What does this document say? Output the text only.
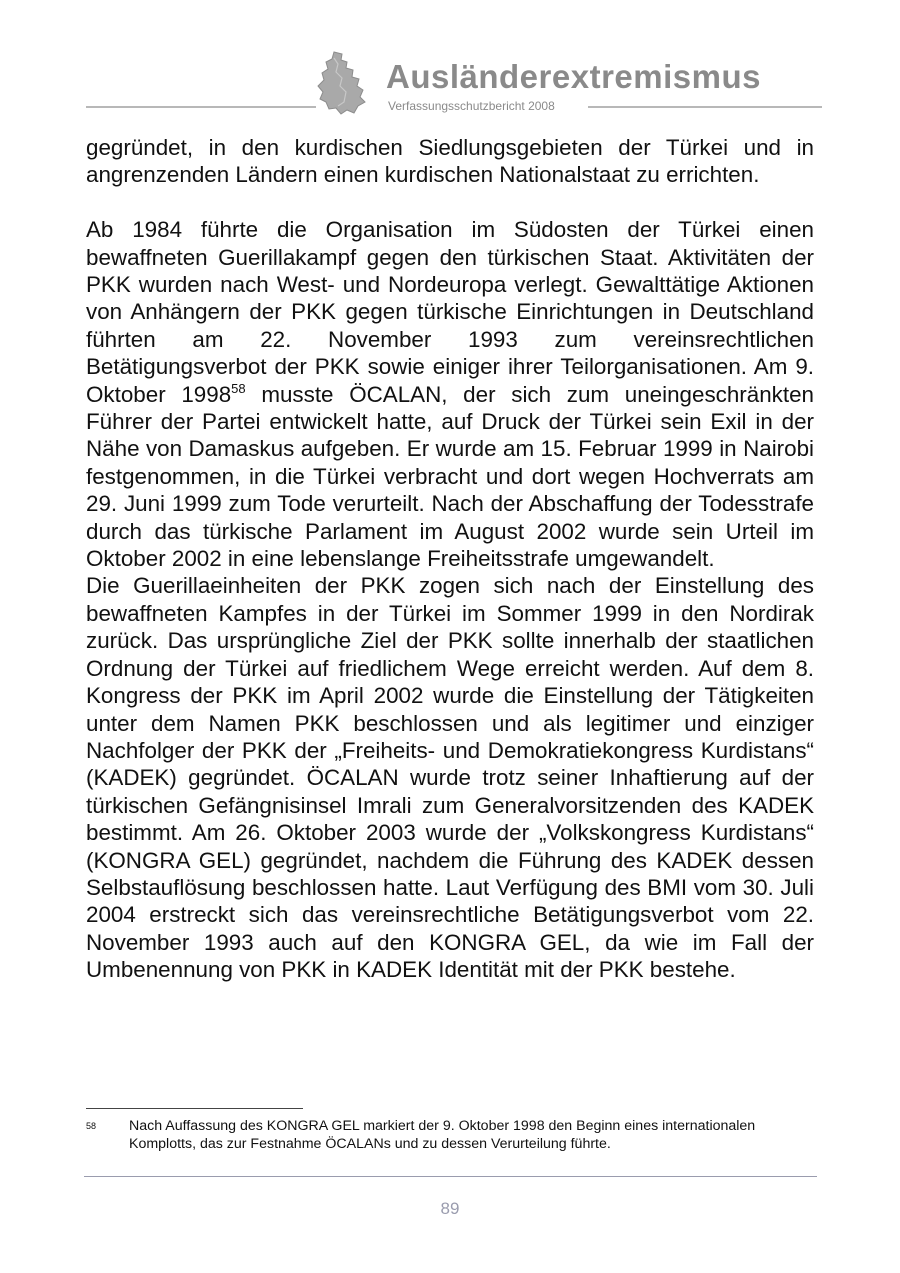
Ausländerextremismus
Verfassungsschutzbericht 2008

gegründet, in den kurdischen Siedlungsgebieten der Türkei und in angrenzenden Ländern einen kurdischen Nationalstaat zu errichten.

Ab 1984 führte die Organisation im Südosten der Türkei einen bewaffneten Guerillakampf gegen den türkischen Staat. Aktivitäten der PKK wurden nach West- und Nordeuropa verlegt. Gewalttätige Aktionen von Anhängern der PKK gegen türkische Einrichtungen in Deutschland führten am 22. November 1993 zum vereinsrechtlichen Betätigungsverbot der PKK sowie einiger ihrer Teilorganisationen. Am 9. Oktober 1998$^{58}$ musste ÖCALAN, der sich zum uneingeschränkten Führer der Partei entwickelt hatte, auf Druck der Türkei sein Exil in der Nähe von Damaskus aufgeben. Er wurde am 15. Februar 1999 in Nairobi festgenommen, in die Türkei verbracht und dort wegen Hochverrats am 29. Juni 1999 zum Tode verurteilt. Nach der Abschaffung der Todesstrafe durch das türkische Parlament im August 2002 wurde sein Urteil im Oktober 2002 in eine lebenslange Freiheitsstrafe umgewandelt.

Die Guerillaeinheiten der PKK zogen sich nach der Einstellung des bewaffneten Kampfes in der Türkei im Sommer 1999 in den Nordirak zurück. Das ursprüngliche Ziel der PKK sollte innerhalb der staatlichen Ordnung der Türkei auf friedlichem Wege erreicht werden. Auf dem 8. Kongress der PKK im April 2002 wurde die Einstellung der Tätigkeiten unter dem Namen PKK beschlossen und als legitimer und einziger Nachfolger der PKK der „Freiheits- und Demokratiekongress Kurdistans“ (KADEK) gegründet. ÖCALAN wurde trotz seiner Inhaftierung auf der türkischen Gefängnisinsel Imrali zum Generalvorsitzenden des KADEK bestimmt. Am 26. Oktober 2003 wurde der „Volkskongress Kurdistans“ (KONGRA GEL) gegründet, nachdem die Führung des KADEK dessen Selbstauflösung beschlossen hatte. Laut Verfügung des BMI vom 30. Juli 2004 erstreckt sich das vereinsrechtliche Betätigungsverbot vom 22. November 1993 auch auf den KONGRA GEL, da wie im Fall der Umbenennung von PKK in KADEK Identität mit der PKK bestehe.

58 Nach Auffassung des KONGRA GEL markiert der 9. Oktober 1998 den Beginn eines internationalen Komplotts, das zur Festnahme ÖCALANs und zu dessen Verurteilung führte.
89
